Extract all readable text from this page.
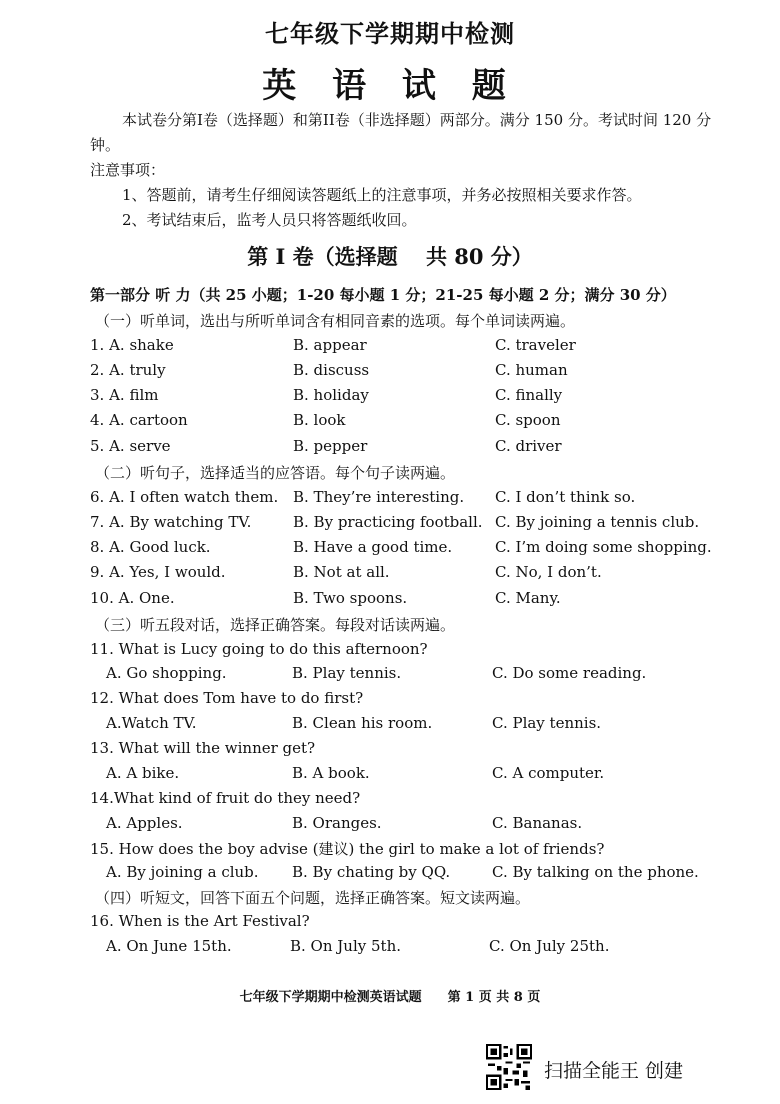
七年级下学期期中检测
英 语 试 题
本试卷分第I卷（选择题）和第II卷（非选择题）两部分。满分 150 分。考试时间 120 分钟。
注意事项：
1、答题前，请考生仔细阅读答题纸上的注意事项，并务必按照相关要求作答。
2、考试结束后，监考人员只将答题纸收回。
第 I 卷（选择题　 共 80 分）
第一部分 听 力（共 25 小题；1-20 每小题 1 分；21-25 每小题 2 分；满分 30 分）
（一）听单词，选出与所听单词含有相同音素的选项。每个单词读两遍。
1. A. shake	B. appear	C. traveler
2. A. truly	B. discuss	C. human
3. A. film	B. holiday	C. finally
4. A. cartoon	B. look	C. spoon
5. A. serve	B. pepper	C. driver
（二）听句子，选择适当的应答语。每个句子读两遍。
6. A. I often watch them. B. They’re interesting. C. I don’t think so.
7. A. By watching TV.	B. By practicing football. C. By joining a tennis club.
8. A. Good luck.	B. Have a good time.	C. I’m doing some shopping.
9. A. Yes, I would.	B. Not at all.	C. No, I don’t.
10. A. One.	B. Two spoons.	C. Many.
（三）听五段对话，选择正确答案。每段对话读两遍。
11. What is Lucy going to do this afternoon?
A. Go shopping.	B. Play tennis.	C. Do some reading.
12. What does Tom have to do first?
A.Watch TV.	B. Clean his room.	C. Play tennis.
13. What will the winner get?
A. A bike.	B. A book.	C. A computer.
14.What kind of fruit do they need?
A. Apples.	B. Oranges.	C. Bananas.
15. How does the boy advise (建议) the girl to make a lot of friends?
A. By joining a club. B. By chating by QQ.	C. By talking on the phone.
（四）听短文，回答下面五个问题，选择正确答案。短文读两遍。
16. When is the Art Festival?
A. On June 15th.	B. On July 5th.	C. On July 25th.
七年级下学期期中检测英语试题　　第 1 页 共 8 页
扫描全能王 创建
